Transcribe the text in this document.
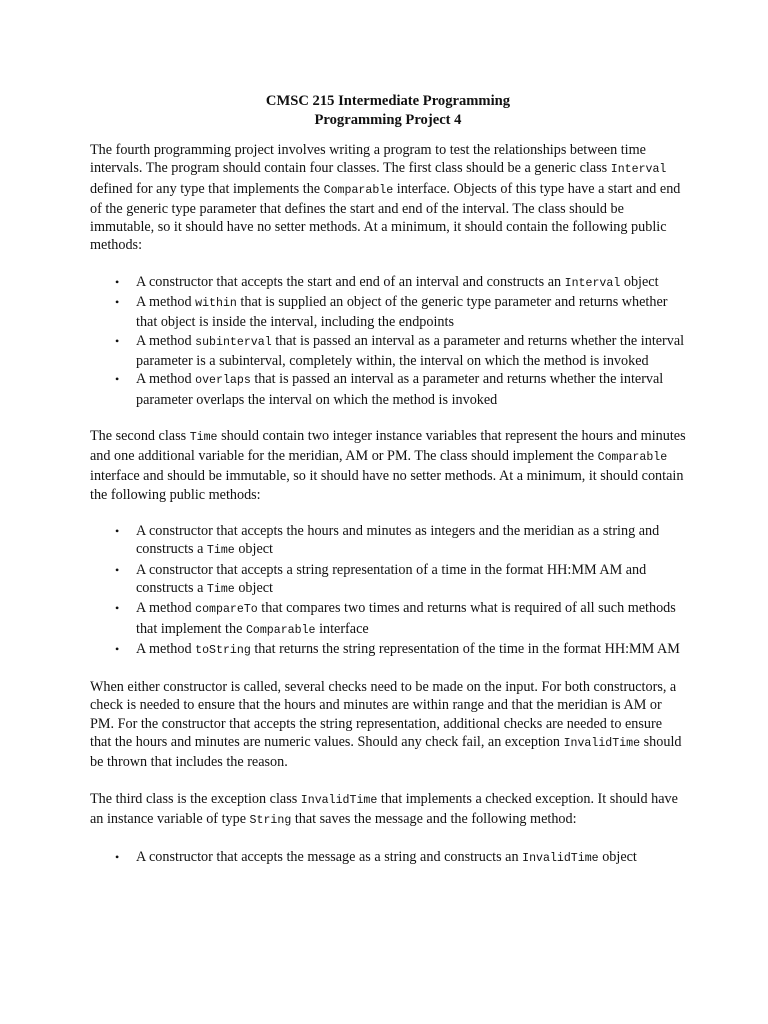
CMSC 215 Intermediate Programming
Programming Project 4

The fourth programming project involves writing a program to test the relationships between time intervals. The program should contain four classes. The first class should be a generic class Interval defined for any type that implements the Comparable interface. Objects of this type have a start and end of the generic type parameter that defines the start and end of the interval. The class should be immutable, so it should have no setter methods. At a minimum, it should contain the following public methods:

• A constructor that accepts the start and end of an interval and constructs an Interval object
• A method within that is supplied an object of the generic type parameter and returns whether that object is inside the interval, including the endpoints
• A method subinterval that is passed an interval as a parameter and returns whether the interval parameter is a subinterval, completely within, the interval on which the method is invoked
• A method overlaps that is passed an interval as a parameter and returns whether the interval parameter overlaps the interval on which the method is invoked

The second class Time should contain two integer instance variables that represent the hours and minutes and one additional variable for the meridian, AM or PM. The class should implement the Comparable interface and should be immutable, so it should have no setter methods. At a minimum, it should contain the following public methods:

• A constructor that accepts the hours and minutes as integers and the meridian as a string and constructs a Time object
• A constructor that accepts a string representation of a time in the format HH:MM AM and constructs a Time object
• A method compareTo that compares two times and returns what is required of all such methods that implement the Comparable interface
• A method toString that returns the string representation of the time in the format HH:MM AM

When either constructor is called, several checks need to be made on the input. For both constructors, a check is needed to ensure that the hours and minutes are within range and that the meridian is AM or PM. For the constructor that accepts the string representation, additional checks are needed to ensure that the hours and minutes are numeric values. Should any check fail, an exception InvalidTime should be thrown that includes the reason.

The third class is the exception class InvalidTime that implements a checked exception. It should have an instance variable of type String that saves the message and the following method:

• A constructor that accepts the message as a string and constructs an InvalidTime object
